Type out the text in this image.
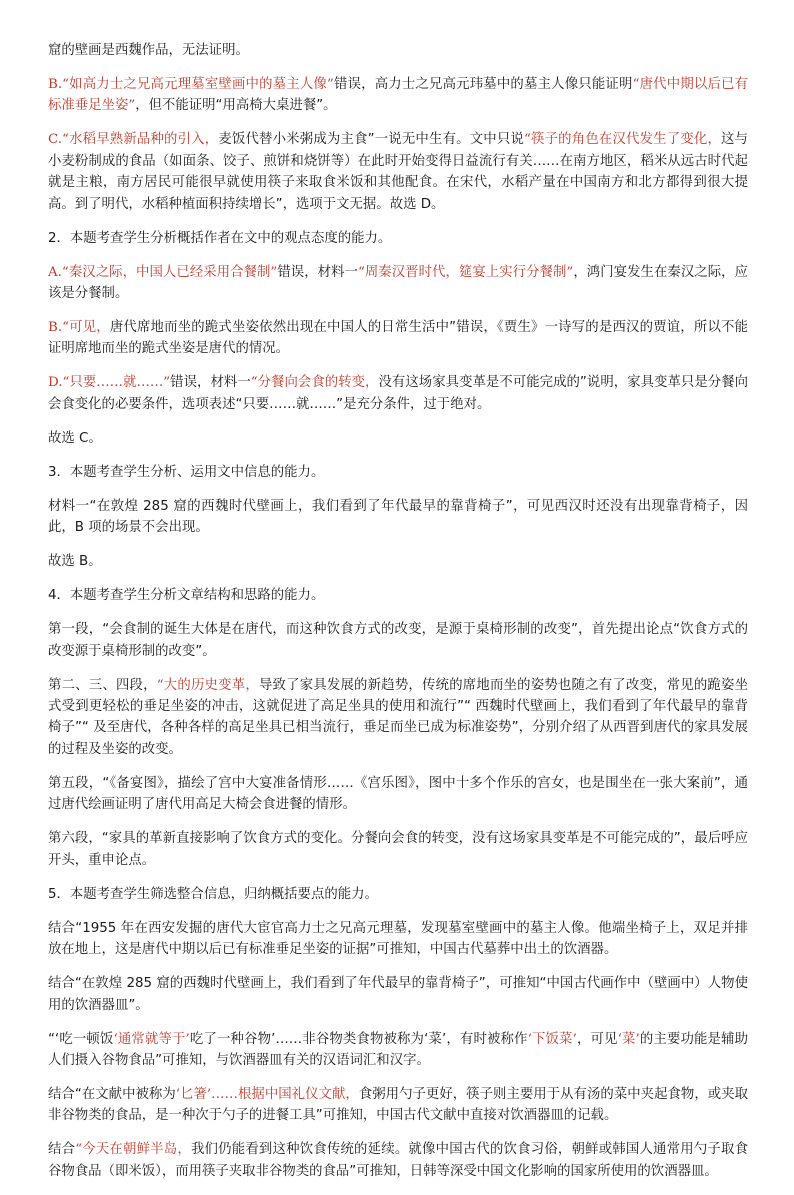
窟的壁画是西魏作品，无法证明。

B.“如高力士之兄高元理墓室壁画中的墓主人像”错误，高力士之兄高元玮墓中的墓主人像只能证明“唐代中期以后已有标准垂足坐姿”，但不能证明“用高椅大桌进餐”。

C.“水稻早熟新品种的引入，麦饭代替小米粥成为主食”一说无中生有。文中只说“筷子的角色在汉代发生了变化，这与小麦粉制成的食品（如面条、饺子、煎饼和烧饼等）在此时开始变得日益流行有关……在南方地区，稻米从远古时代起就是主粮，南方居民可能很早就使用筷子来取食米饭和其他配食。在宋代，水稻产量在中国南方和北方都得到很大提高。到了明代，水稻种植面积持续增长”，选项于文无据。故选 D。

2．本题考查学生分析概括作者在文中的观点态度的能力。

A.“秦汉之际，中国人已经采用合餐制”错误，材料一“周秦汉晋时代，筵宴上实行分餐制”，鸿门宴发生在秦汉之际，应该是分餐制。

B.“可见，唐代席地而坐的跪式坐姿依然出现在中国人的日常生活中”错误，《贾生》一诗写的是西汉的贾谊，所以不能证明席地而坐的跪式坐姿是唐代的情况。

D.“只要……就……”错误，材料一“分餐向会食的转变，没有这场家具变革是不可能完成的”说明，家具变革只是分餐向会食变化的必要条件，选项表述“只要……就……”是充分条件，过于绝对。

故选 C。

3．本题考查学生分析、运用文中信息的能力。

材料一“在敦煌 285 窟的西魏时代壁画上，我们看到了年代最早的靠背椅子”，可见西汉时还没有出现靠背椅子，因此，B 项的场景不会出现。

故选 B。

4．本题考查学生分析文章结构和思路的能力。

第一段，“会食制的诞生大体是在唐代，而这种饮食方式的改变，是源于桌椅形制的改变”，首先提出论点“饮食方式的改变源于桌椅形制的改变”。

第二、三、四段，“大的历史变革，导致了家具发展的新趋势，传统的席地而坐的姿势也随之有了改变，常见的跪姿坐式受到更轻松的垂足坐姿的冲击，这就促进了高足坐具的使用和流行”“ 西魏时代壁画上，我们看到了年代最早的靠背椅子”“ 及至唐代，各种各样的高足坐具已相当流行，垂足而坐已成为标准姿势”，分别介绍了从西晋到唐代的家具发展的过程及坐姿的改变。

第五段，“《备宴图》，描绘了宫中大宴准备情形……《宫乐图》，图中十多个作乐的宫女，也是围坐在一张大案前”，通过唐代绘画证明了唐代用高足大椅会食进餐的情形。

第六段，“家具的革新直接影响了饮食方式的变化。分餐向会食的转变，没有这场家具变革是不可能完成的”，最后呼应开头，重申论点。

5．本题考查学生筛选整合信息，归纳概括要点的能力。

结合“1955 年在西安发掘的唐代大宦官高力士之兄高元理墓，发现墓室壁画中的墓主人像。他端坐椅子上，双足并排放在地上，这是唐代中期以后已有标准垂足坐姿的证据”可推知，中国古代墓葬中出土的饮酒器。

结合“在敦煌 285 窟的西魏时代壁画上，我们看到了年代最早的靠背椅子”，可推知“中国古代画作中（壁画中）人物使用的饮酒器皿”。

“‘吃一顿饭‘通常就等于’吃了一种谷物’……非谷物类食物被称为‘菜’，有时被称作‘下饭菜’，可见‘菜’的主要功能是辅助人们摄入谷物食品”可推知，与饮酒器皿有关的汉语词汇和汉字。

结合“在文献中被称为‘匕箸’……根据中国礼仪文献，食粥用勺子更好，筷子则主要用于从有汤的菜中夹起食物，或夹取非谷物类的食品，是一种次于勺子的进餐工具”可推知，中国古代文献中直接对饮酒器皿的记载。

结合“今天在朝鲜半岛，我们仍能看到这种饮食传统的延续。就像中国古代的饮食习俗，朝鲜或韩国人通常用勺子取食谷物食品（即米饭），而用筷子夹取非谷物类的食品”可推知，日韩等深受中国文化影响的国家所使用的饮酒器皿。
